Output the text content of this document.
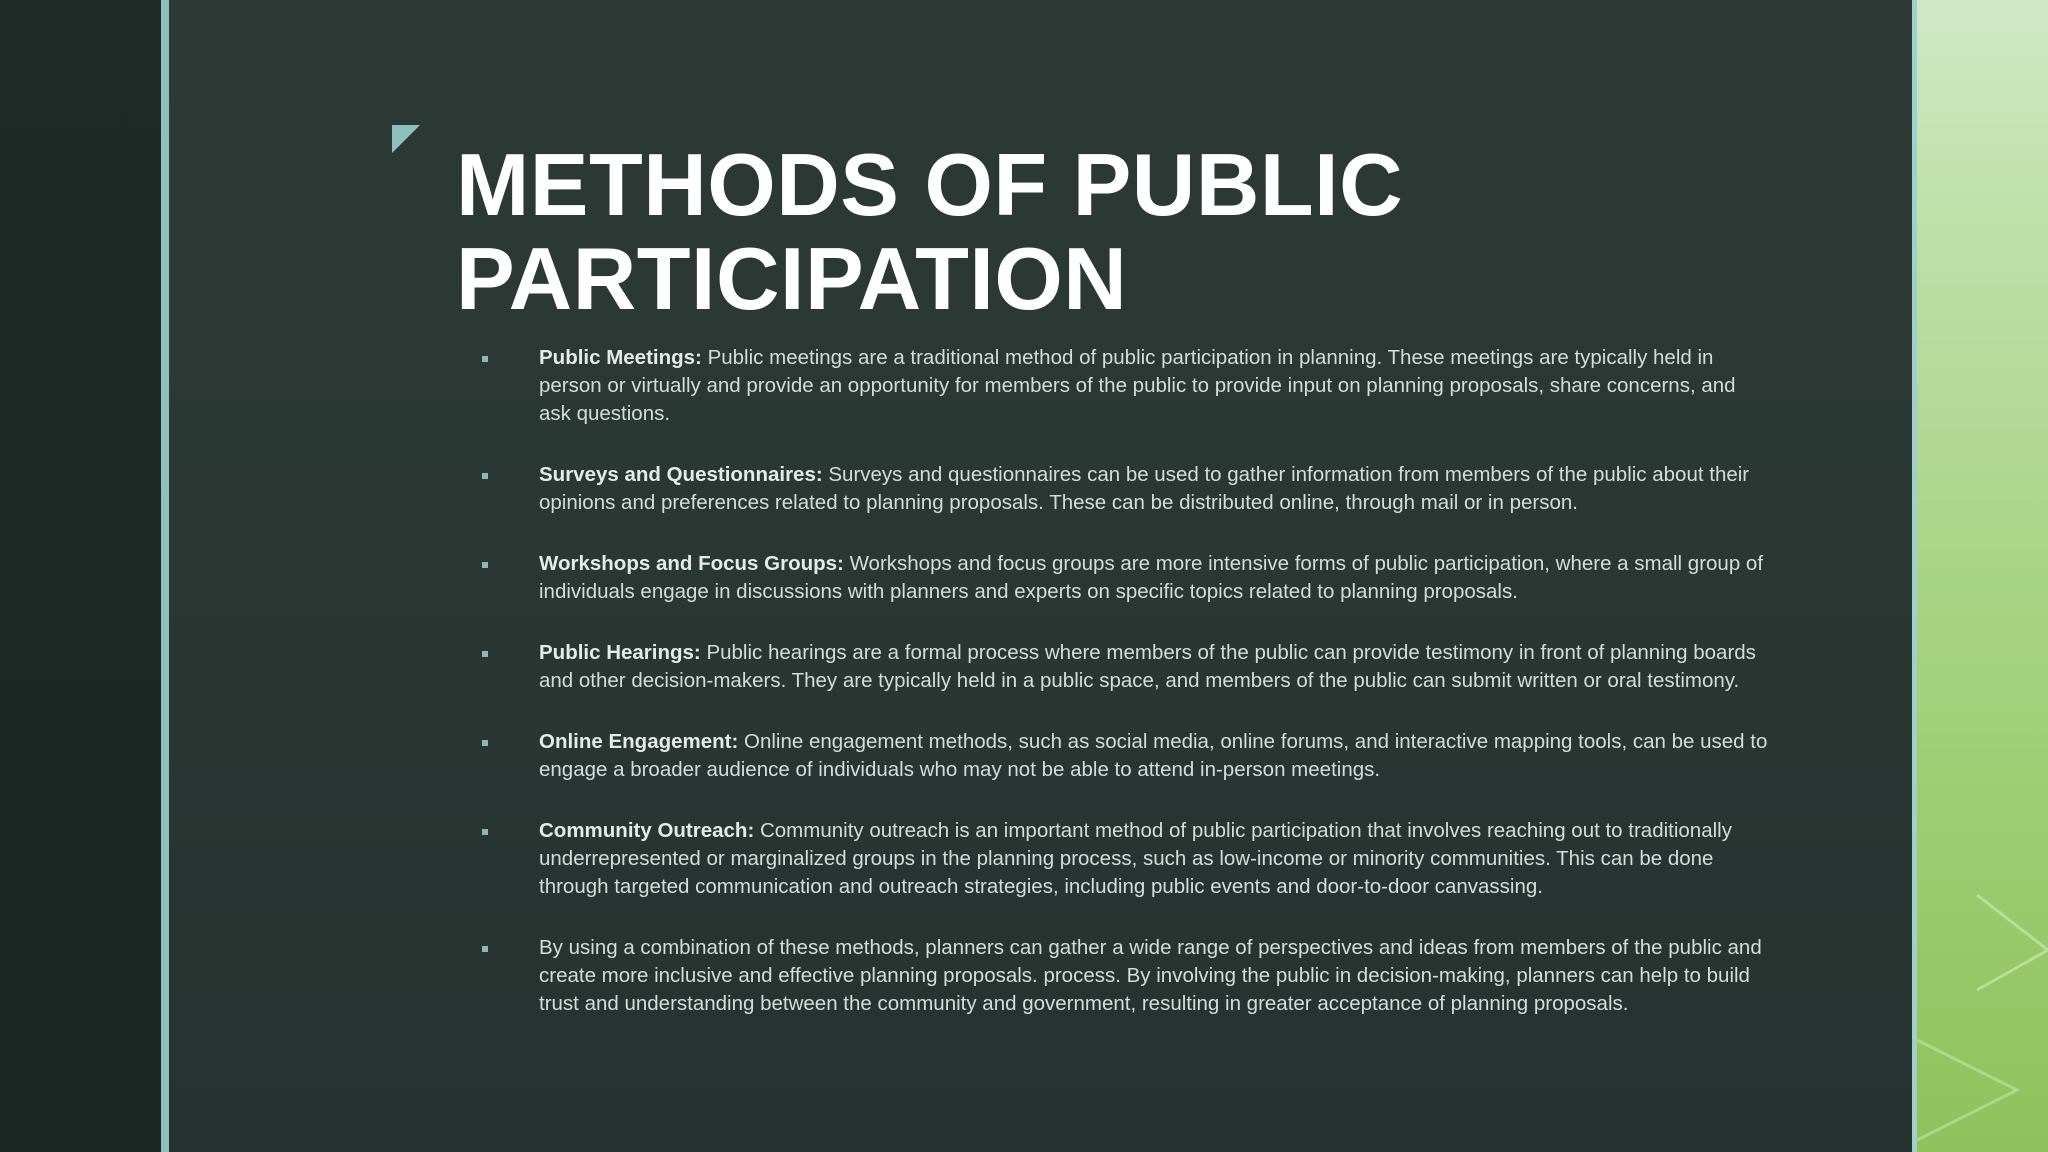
METHODS OF PUBLIC PARTICIPATION
Public Meetings: Public meetings are a traditional method of public participation in planning. These meetings are typically held in person or virtually and provide an opportunity for members of the public to provide input on planning proposals, share concerns, and ask questions.
Surveys and Questionnaires: Surveys and questionnaires can be used to gather information from members of the public about their opinions and preferences related to planning proposals. These can be distributed online, through mail or in person.
Workshops and Focus Groups: Workshops and focus groups are more intensive forms of public participation, where a small group of individuals engage in discussions with planners and experts on specific topics related to planning proposals.
Public Hearings: Public hearings are a formal process where members of the public can provide testimony in front of planning boards and other decision-makers. They are typically held in a public space, and members of the public can submit written or oral testimony.
Online Engagement: Online engagement methods, such as social media, online forums, and interactive mapping tools, can be used to engage a broader audience of individuals who may not be able to attend in-person meetings.
Community Outreach: Community outreach is an important method of public participation that involves reaching out to traditionally underrepresented or marginalized groups in the planning process, such as low-income or minority communities. This can be done through targeted communication and outreach strategies, including public events and door-to-door canvassing.
By using a combination of these methods, planners can gather a wide range of perspectives and ideas from members of the public and create more inclusive and effective planning proposals. process. By involving the public in decision-making, planners can help to build trust and understanding between the community and government, resulting in greater acceptance of planning proposals.
